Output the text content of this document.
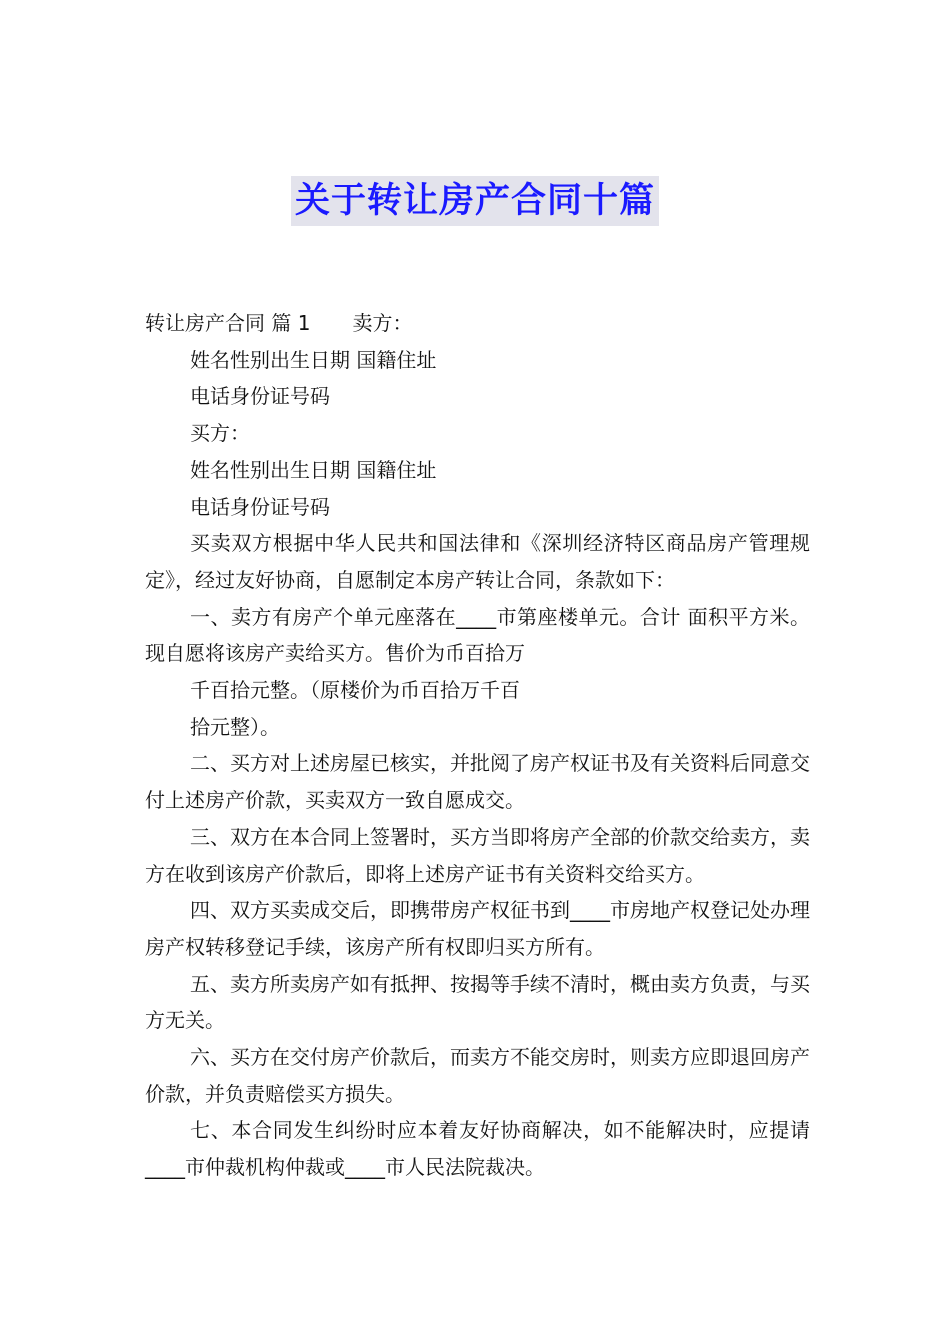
关于转让房产合同十篇
转让房产合同 篇 1 卖方：
姓名性别出生日期 国籍住址
电话身份证号码
买方：
姓名性别出生日期 国籍住址
电话身份证号码

买卖双方根据中华人民共和国法律和《深圳经济特区商品房产管理规定》，经过友好协商，自愿制定本房产转让合同，条款如下：

一、卖方有房产个单元座落在____市第座楼单元。合计 面积平方米。现自愿将该房产卖给买方。售价为币百拾万

千百拾元整。（原楼价为币百拾万千百
拾元整）。

二、买方对上述房屋已核实，并批阅了房产权证书及有关资料后同意交付上述房产价款，买卖双方一致自愿成交。

三、双方在本合同上签署时，买方当即将房产全部的价款交给卖方，卖方在收到该房产价款后，即将上述房产证书有关资料交给买方。

四、双方买卖成交后，即携带房产权征书到____市房地产权登记处办理房产权转移登记手续，该房产所有权即归买方所有。

五、卖方所卖房产如有抵押、按揭等手续不清时，概由卖方负责，与买方无关。

六、买方在交付房产价款后，而卖方不能交房时，则卖方应即退回房产价款，并负责赔偿买方损失。

七、本合同发生纠纷时应本着友好协商解决，如不能解决时，应提请____市仲裁机构仲裁或____市人民法院裁决。
